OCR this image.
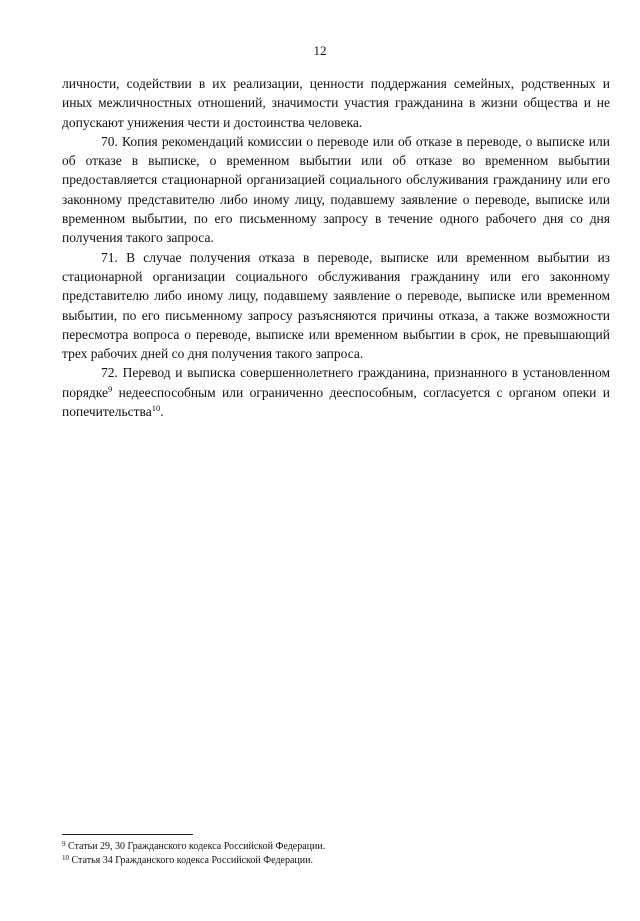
12

личности, содействии в их реализации, ценности поддержания семейных, родственных и иных межличностных отношений, значимости участия гражданина в жизни общества и не допускают унижения чести и достоинства человека.

70. Копия рекомендаций комиссии о переводе или об отказе в переводе, о выписке или об отказе в выписке, о временном выбытии или об отказе во временном выбытии предоставляется стационарной организацией социального обслуживания гражданину или его законному представителю либо иному лицу, подавшему заявление о переводе, выписке или временном выбытии, по его письменному запросу в течение одного рабочего дня со дня получения такого запроса.

71. В случае получения отказа в переводе, выписке или временном выбытии из стационарной организации социального обслуживания гражданину или его законному представителю либо иному лицу, подавшему заявление о переводе, выписке или временном выбытии, по его письменному запросу разъясняются причины отказа, а также возможности пересмотра вопроса о переводе, выписке или временном выбытии в срок, не превышающий трех рабочих дней со дня получения такого запроса.

72. Перевод и выписка совершеннолетнего гражданина, признанного в установленном порядке$^9$ недееспособным или ограниченно дееспособным, согласуется с органом опеки и попечительства$^{10}$.

$^9$ Статьи 29, 30 Гражданского кодекса Российской Федерации.

$^{10}$ Статья 34 Гражданского кодекса Российской Федерации.
